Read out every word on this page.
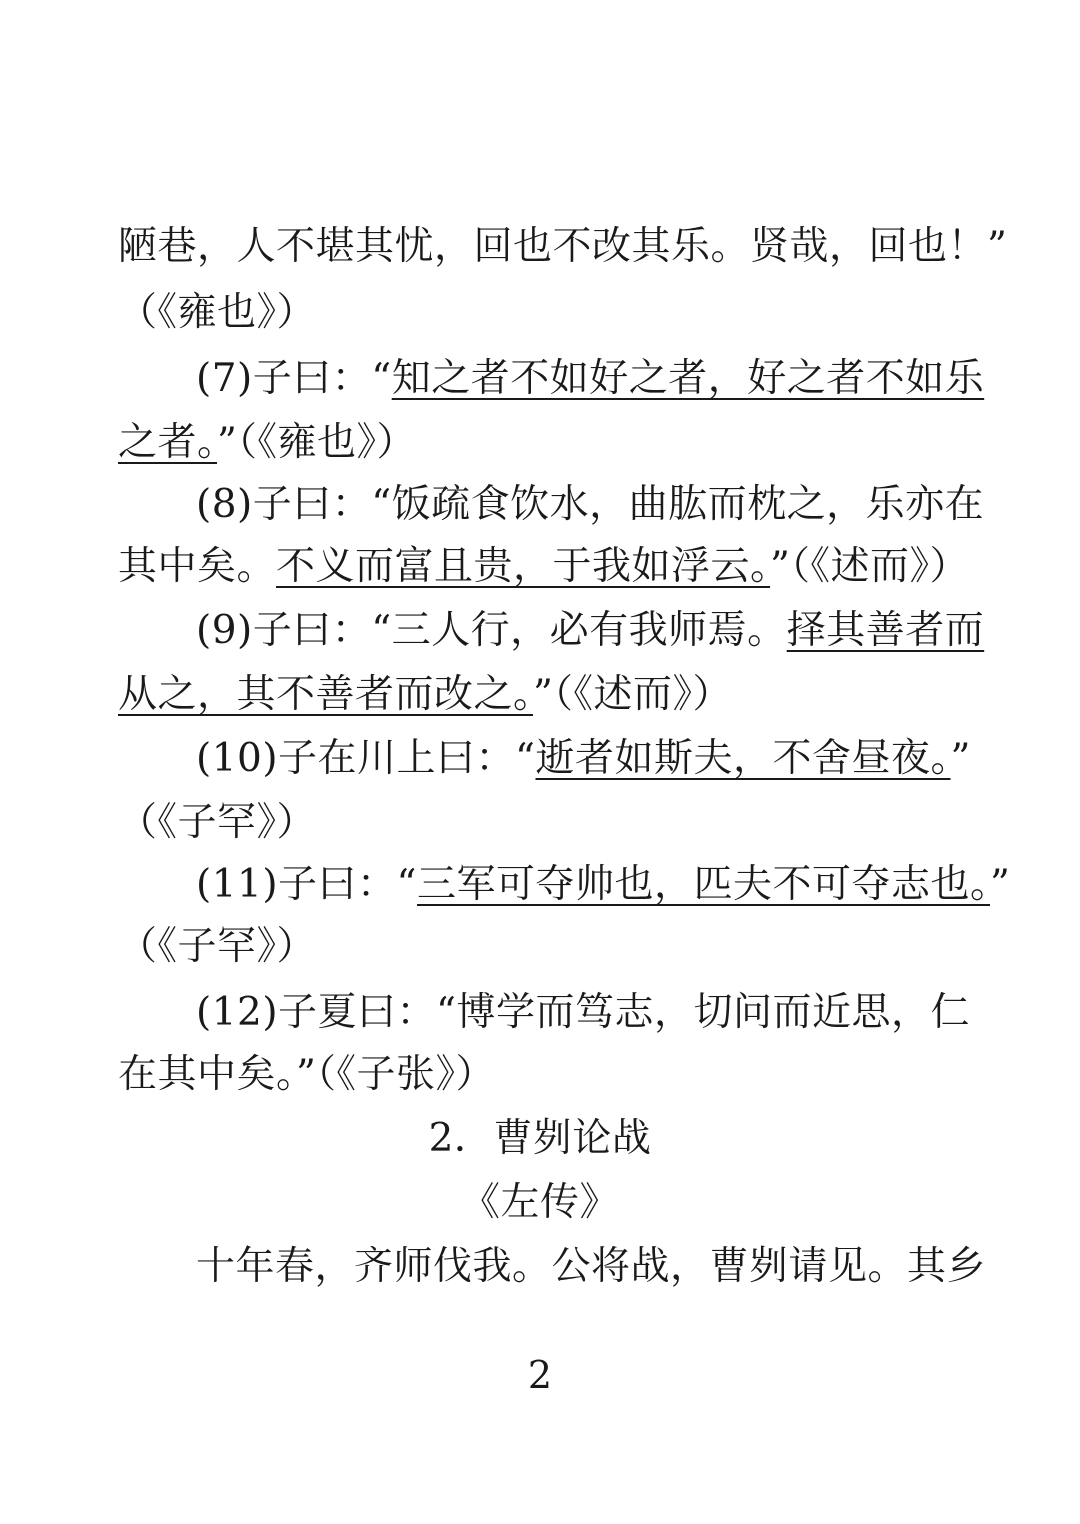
陋巷，人不堪其忧，回也不改其乐。贤哉，回也！”
（《雍也》）
(7)子曰：“知之者不如好之者，好之者不如乐
之者。”（《雍也》）
(8)子曰：“饭疏食饮水，曲肱而枕之，乐亦在
其中矣。不义而富且贵，于我如浮云。”（《述而》）
(9)子曰：“三人行，必有我师焉。择其善者而
从之，其不善者而改之。”（《述而》）
(10)子在川上曰：“逝者如斯夫，不舍昼夜。”
（《子罕》）
(11)子曰：“三军可夺帅也，匹夫不可夺志也。”
（《子罕》）
(12)子夏曰：“博学而笃志，切问而近思，仁
在其中矣。”（《子张》）
2．曹刿论战
《左传》
十年春，齐师伐我。公将战，曹刿请见。其乡
2
